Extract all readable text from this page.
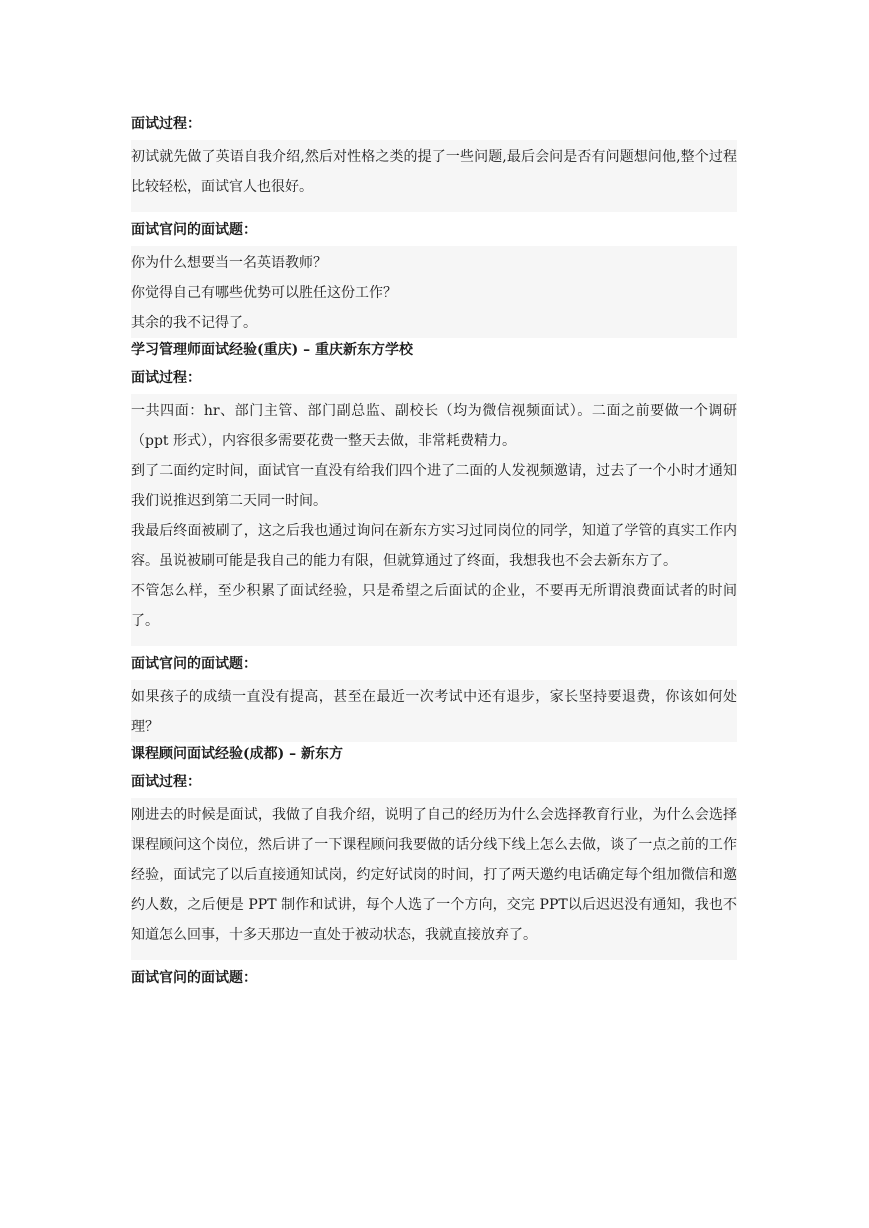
面试过程：

初试就先做了英语自我介绍,然后对性格之类的提了一些问题,最后会问是否有问题想问他,整个过程比较轻松，面试官人也很好。

面试官问的面试题：

你为什么想要当一名英语教师？

你觉得自己有哪些优势可以胜任这份工作？

其余的我不记得了。

学习管理师面试经验(重庆) – 重庆新东方学校

面试过程：

一共四面：hr、部门主管、部门副总监、副校长（均为微信视频面试）。二面之前要做一个调研（ppt 形式），内容很多需要花费一整天去做，非常耗费精力。

到了二面约定时间，面试官一直没有给我们四个进了二面的人发视频邀请，过去了一个小时才通知我们说推迟到第二天同一时间。

我最后终面被刷了，这之后我也通过询问在新东方实习过同岗位的同学，知道了学管的真实工作内容。虽说被刷可能是我自己的能力有限，但就算通过了终面，我想我也不会去新东方了。

不管怎么样，至少积累了面试经验，只是希望之后面试的企业，不要再无所谓浪费面试者的时间了。

面试官问的面试题：

如果孩子的成绩一直没有提高，甚至在最近一次考试中还有退步，家长坚持要退费，你该如何处理？

课程顾问面试经验(成都) – 新东方

面试过程：

刚进去的时候是面试，我做了自我介绍，说明了自己的经历为什么会选择教育行业，为什么会选择课程顾问这个岗位，然后讲了一下课程顾问我要做的话分线下线上怎么去做，谈了一点之前的工作经验，面试完了以后直接通知试岗，约定好试岗的时间，打了两天邀约电话确定每个组加微信和邀约人数，之后便是 PPT 制作和试讲，每个人选了一个方向，交完 PPT以后迟迟没有通知，我也不知道怎么回事，十多天那边一直处于被动状态，我就直接放弃了。

面试官问的面试题：
